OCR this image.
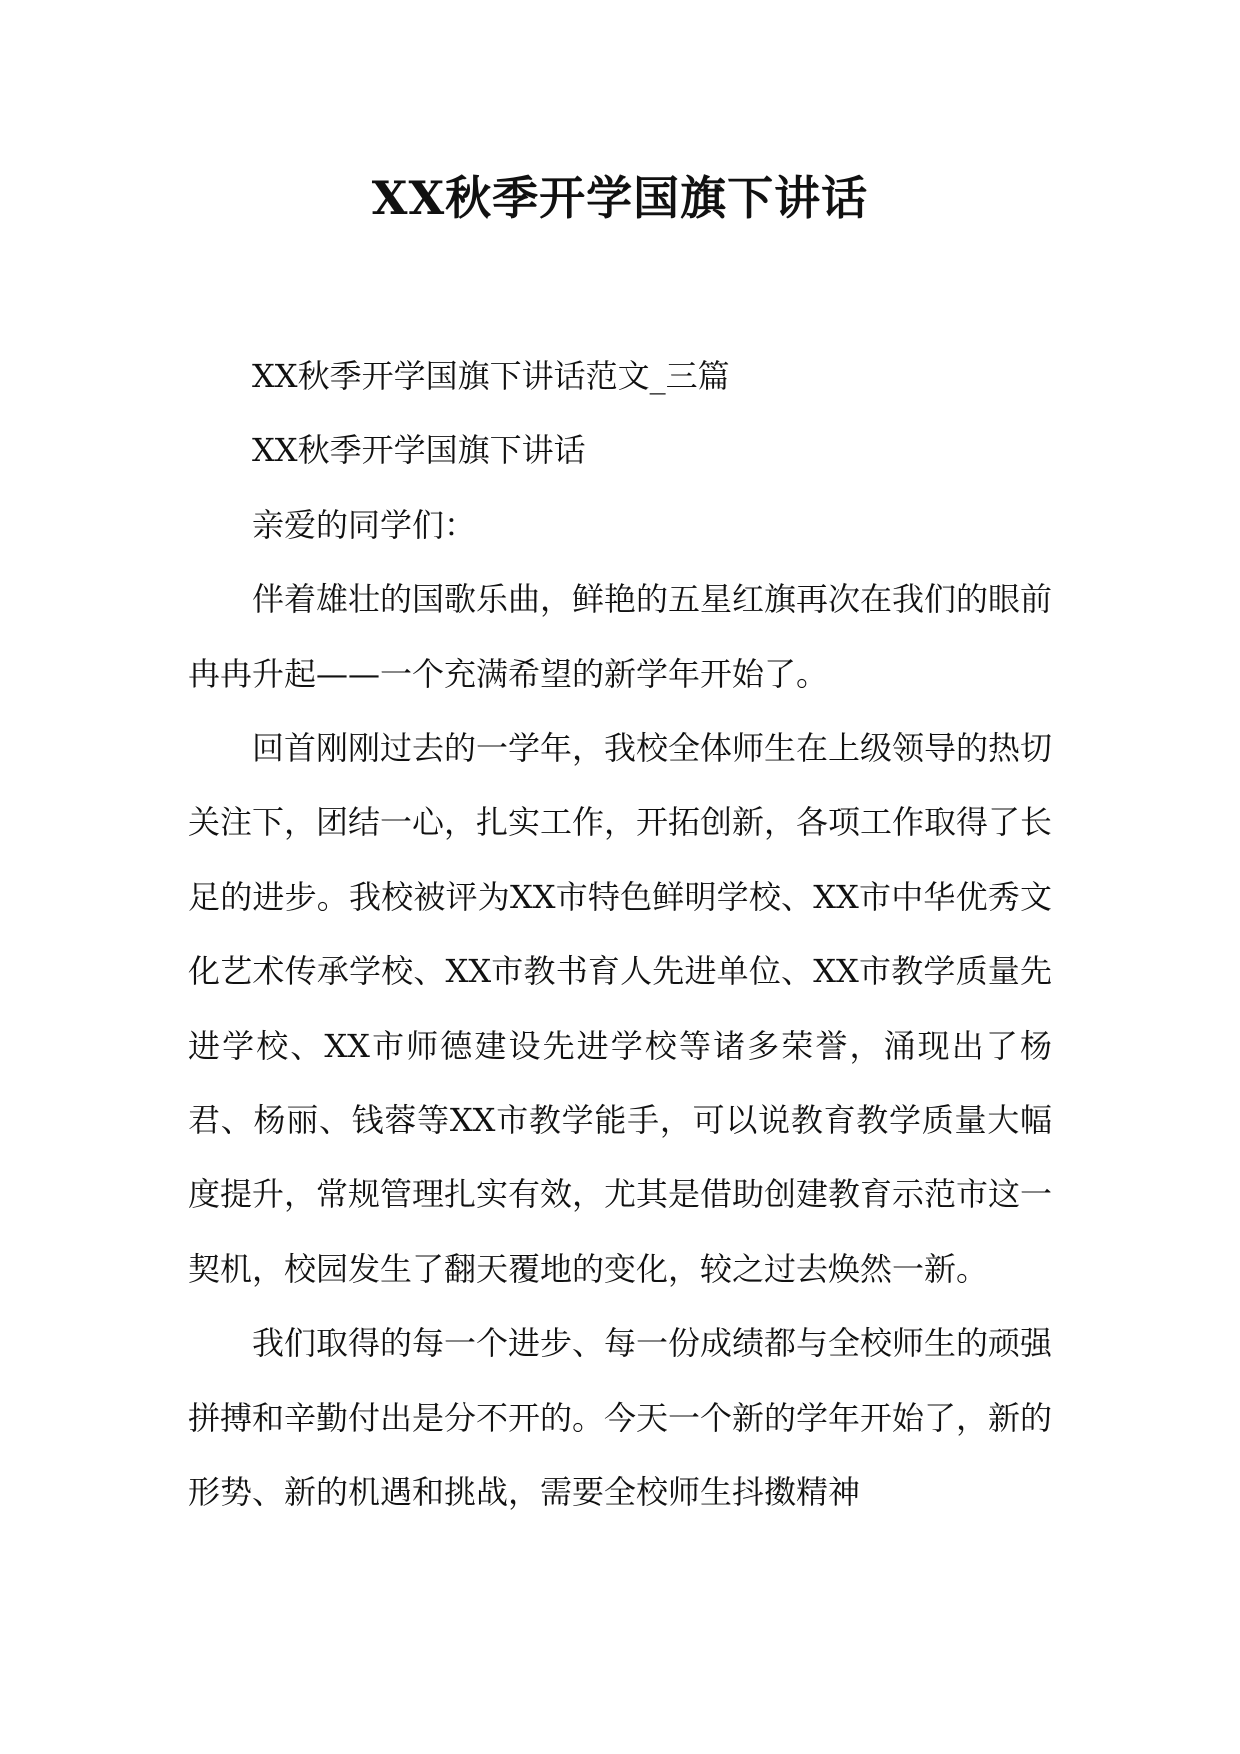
XX秋季开学国旗下讲话

XX秋季开学国旗下讲话范文_三篇

XX秋季开学国旗下讲话

亲爱的同学们：

伴着雄壮的国歌乐曲，鲜艳的五星红旗再次在我们的眼前冉冉升起——一个充满希望的新学年开始了。

回首刚刚过去的一学年，我校全体师生在上级领导的热切关注下，团结一心，扎实工作，开拓创新，各项工作取得了长足的进步。我校被评为XX市特色鲜明学校、XX市中华优秀文化艺术传承学校、XX市教书育人先进单位、XX市教学质量先进学校、XX市师德建设先进学校等诸多荣誉，涌现出了杨君、杨丽、钱蓉等XX市教学能手，可以说教育教学质量大幅度提升，常规管理扎实有效，尤其是借助创建教育示范市这一契机，校园发生了翻天覆地的变化，较之过去焕然一新。

我们取得的每一个进步、每一份成绩都与全校师生的顽强拼搏和辛勤付出是分不开的。今天一个新的学年开始了，新的形势、新的机遇和挑战，需要全校师生抖擞精神
